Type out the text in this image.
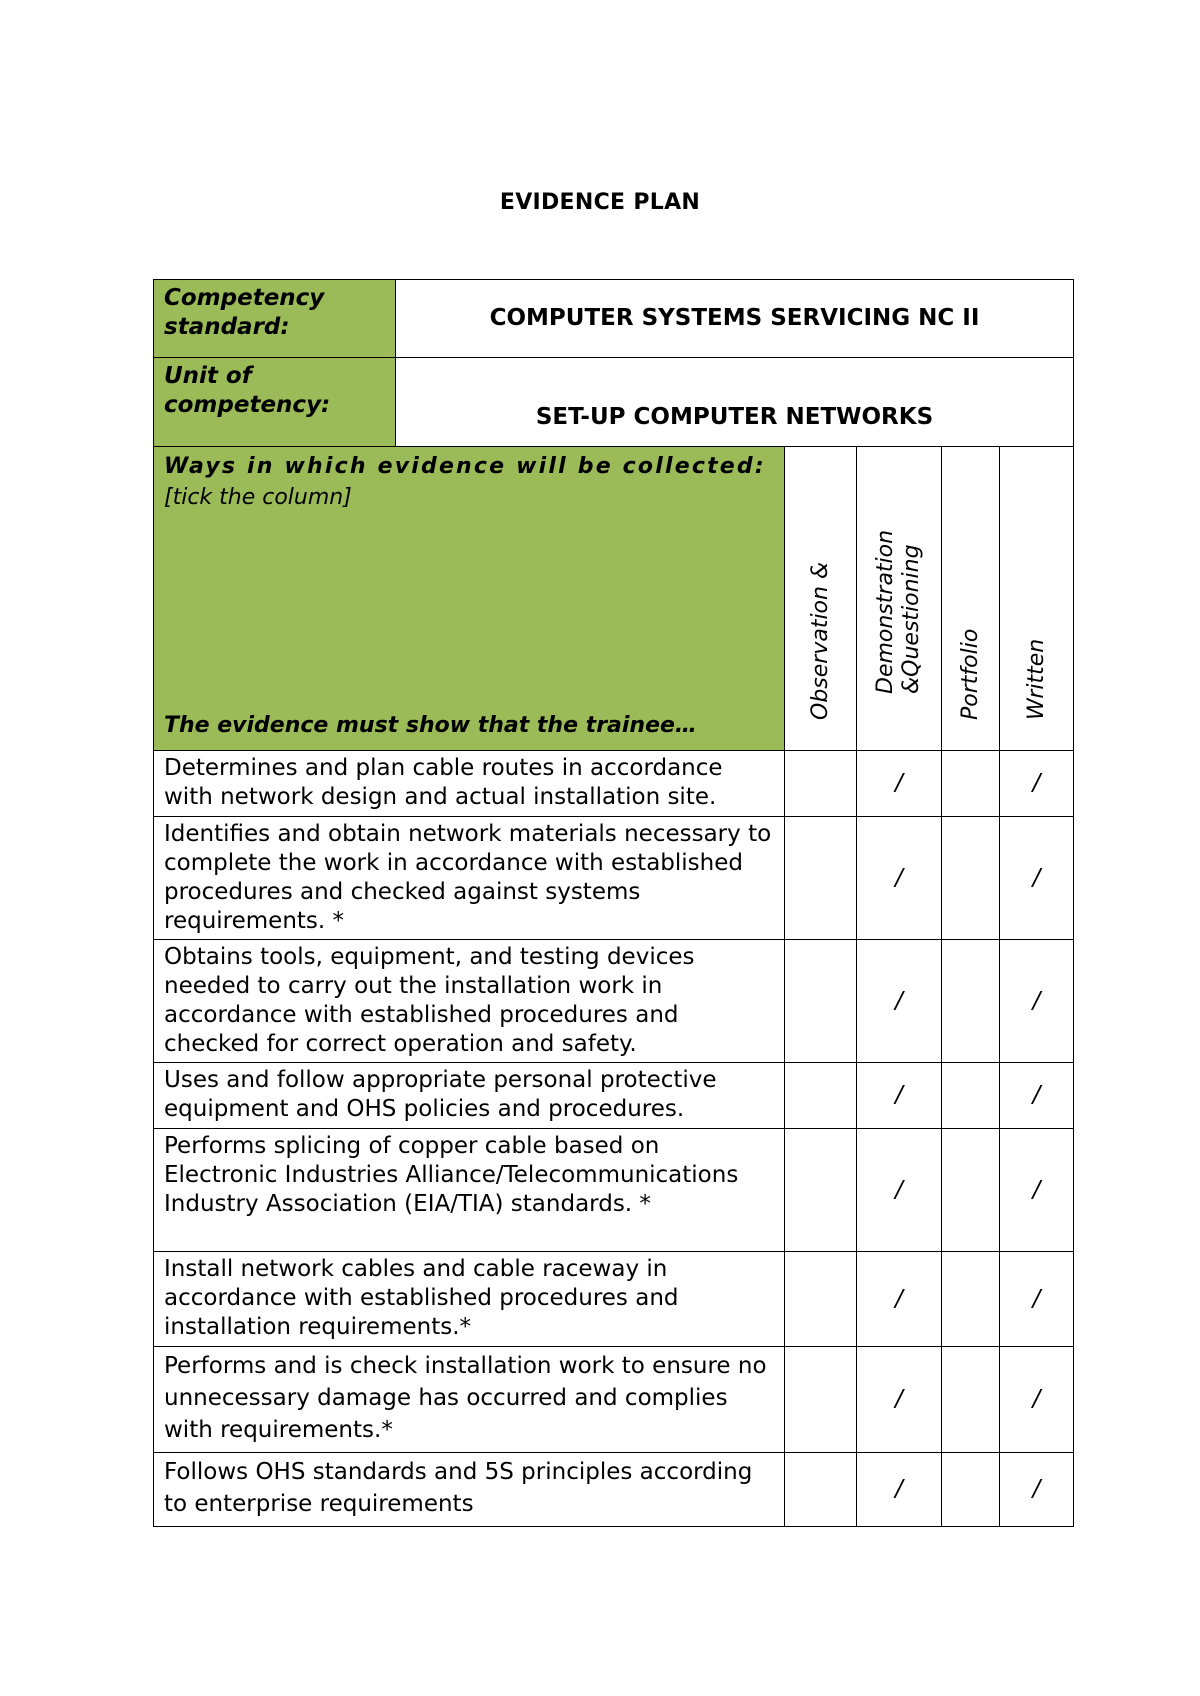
EVIDENCE PLAN
Competency standard:	COMPUTER SYSTEMS SERVICING NC II				
Unit of competency:	SET-UP COMPUTER NETWORKS				

Ways in which evidence will be collected:
[tick the column]
The evidence must show that the trainee…		Observation &	Demonstration &Questioning	Portfolio	Written

Determines and plan cable routes in accordance with network design and actual installation site.			/		/
Identifies and obtain network materials necessary to complete the work in accordance with established procedures and checked against systems requirements. *			/		/
Obtains tools, equipment, and testing devices needed to carry out the installation work in accordance with established procedures and checked for correct operation and safety.			/		/
Uses and follow appropriate personal protective equipment and OHS policies and procedures.			/		/
Performs splicing of copper cable based on Electronic Industries Alliance/Telecommunications Industry Association (EIA/TIA) standards. *			/		/
Install network cables and cable raceway in accordance with established procedures and installation requirements.*			/		/
Performs and is check installation work to ensure no unnecessary damage has occurred and complies with requirements.*			/		/
Follows OHS standards and 5S principles according to enterprise requirements			/		/
